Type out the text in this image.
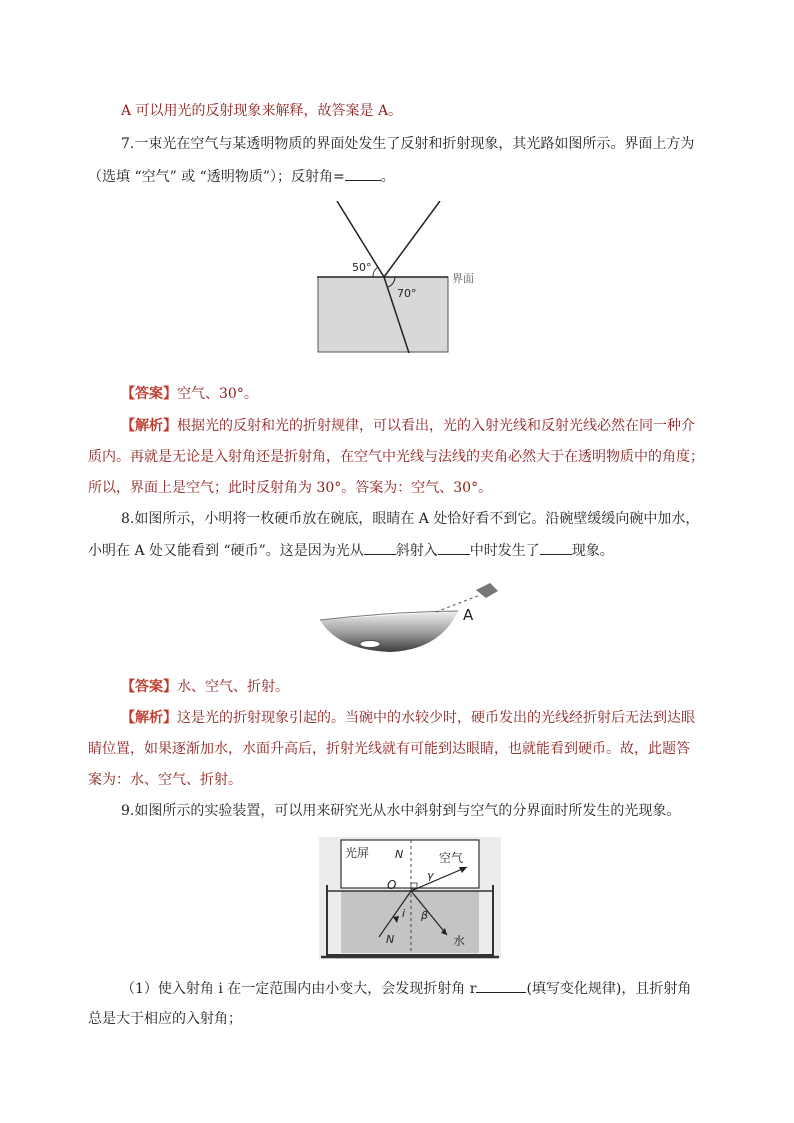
A 可以用光的反射现象来解释，故答案是 A。
7.一束光在空气与某透明物质的界面处发生了反射和折射现象，其光路如图所示。界面上方为
（选填 “空气” 或 “透明物质”）；反射角=	。
50°
70°
界面
【答案】空气、30°。
【解析】根据光的反射和光的折射规律，可以看出，光的入射光线和反射光线必然在同一种介
质内。再就是无论是入射角还是折射角，在空气中光线与法线的夹角必然大于在透明物质中的角度；
所以，界面上是空气；此时反射角为 30°。答案为：空气、30°。
8.如图所示，小明将一枚硬币放在碗底，眼睛在 A 处恰好看不到它。沿碗壁缓缓向碗中加水，
小明在 A 处又能看到 “硬币”。这是因为光从 斜射入 中时发生了 现象。
A
【答案】水、空气、折射。
【解析】这是光的折射现象引起的。当碗中的水较少时，硬币发出的光线经折射后无法到达眼
睛位置，如果逐渐加水，水面升高后，折射光线就有可能到达眼睛，也就能看到硬币。故，此题答
案为：水、空气、折射。
9.如图所示的实验装置，可以用来研究光从水中斜射到与空气的分界面时所发生的光现象。
光屏 N	空气
γ
O
i β
N	水
（1）使入射角 i 在一定范围内由小变大，会发现折射角 r	(填写变化规律)，且折射角
总是大于相应的入射角；
